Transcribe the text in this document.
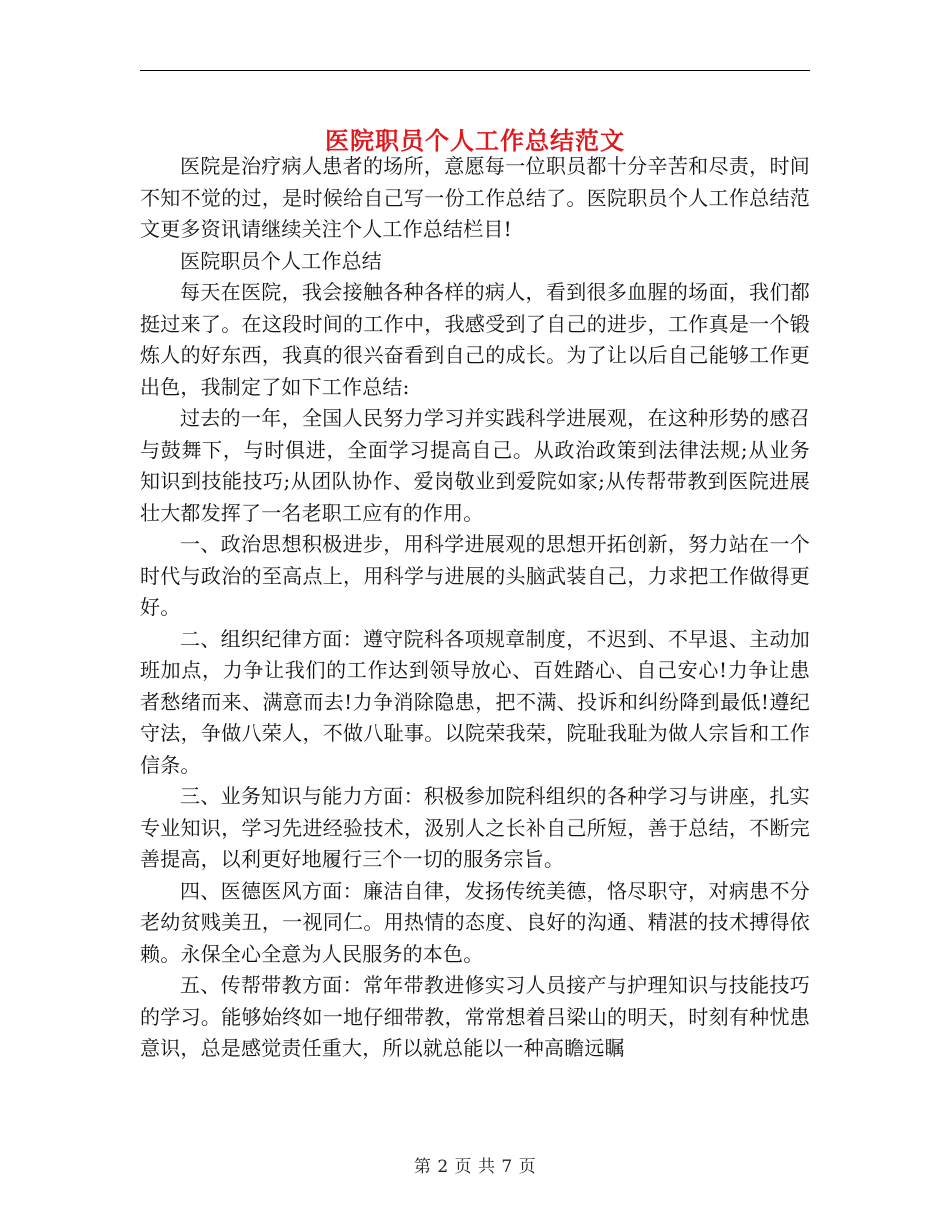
医院职员个人工作总结范文

医院是治疗病人患者的场所，意愿每一位职员都十分辛苦和尽责，时间不知不觉的过，是时候给自己写一份工作总结了。医院职员个人工作总结范文更多资讯请继续关注个人工作总结栏目!

医院职员个人工作总结

每天在医院，我会接触各种各样的病人，看到很多血腥的场面，我们都挺过来了。在这段时间的工作中，我感受到了自己的进步，工作真是一个锻炼人的好东西，我真的很兴奋看到自己的成长。为了让以后自己能够工作更出色，我制定了如下工作总结:

过去的一年，全国人民努力学习并实践科学进展观，在这种形势的感召与鼓舞下，与时俱进，全面学习提高自己。从政治政策到法律法规;从业务知识到技能技巧;从团队协作、爱岗敬业到爱院如家;从传帮带教到医院进展壮大都发挥了一名老职工应有的作用。

一、政治思想积极进步，用科学进展观的思想开拓创新，努力站在一个时代与政治的至高点上，用科学与进展的头脑武装自己，力求把工作做得更好。

二、组织纪律方面：遵守院科各项规章制度，不迟到、不早退、主动加班加点，力争让我们的工作达到领导放心、百姓踏心、自己安心!力争让患者愁绪而来、满意而去!力争消除隐患，把不满、投诉和纠纷降到最低!遵纪守法，争做八荣人，不做八耻事。以院荣我荣，院耻我耻为做人宗旨和工作信条。

三、业务知识与能力方面：积极参加院科组织的各种学习与讲座，扎实专业知识，学习先进经验技术，汲别人之长补自己所短，善于总结，不断完善提高，以利更好地履行三个一切的服务宗旨。

四、医德医风方面：廉洁自律，发扬传统美德，恪尽职守，对病患不分老幼贫贱美丑，一视同仁。用热情的态度、良好的沟通、精湛的技术搏得依赖。永保全心全意为人民服务的本色。

五、传帮带教方面：常年带教进修实习人员接产与护理知识与技能技巧的学习。能够始终如一地仔细带教，常常想着吕梁山的明天，时刻有种忧患意识，总是感觉责任重大，所以就总能以一种高瞻远瞩

第 2 页 共 7 页
